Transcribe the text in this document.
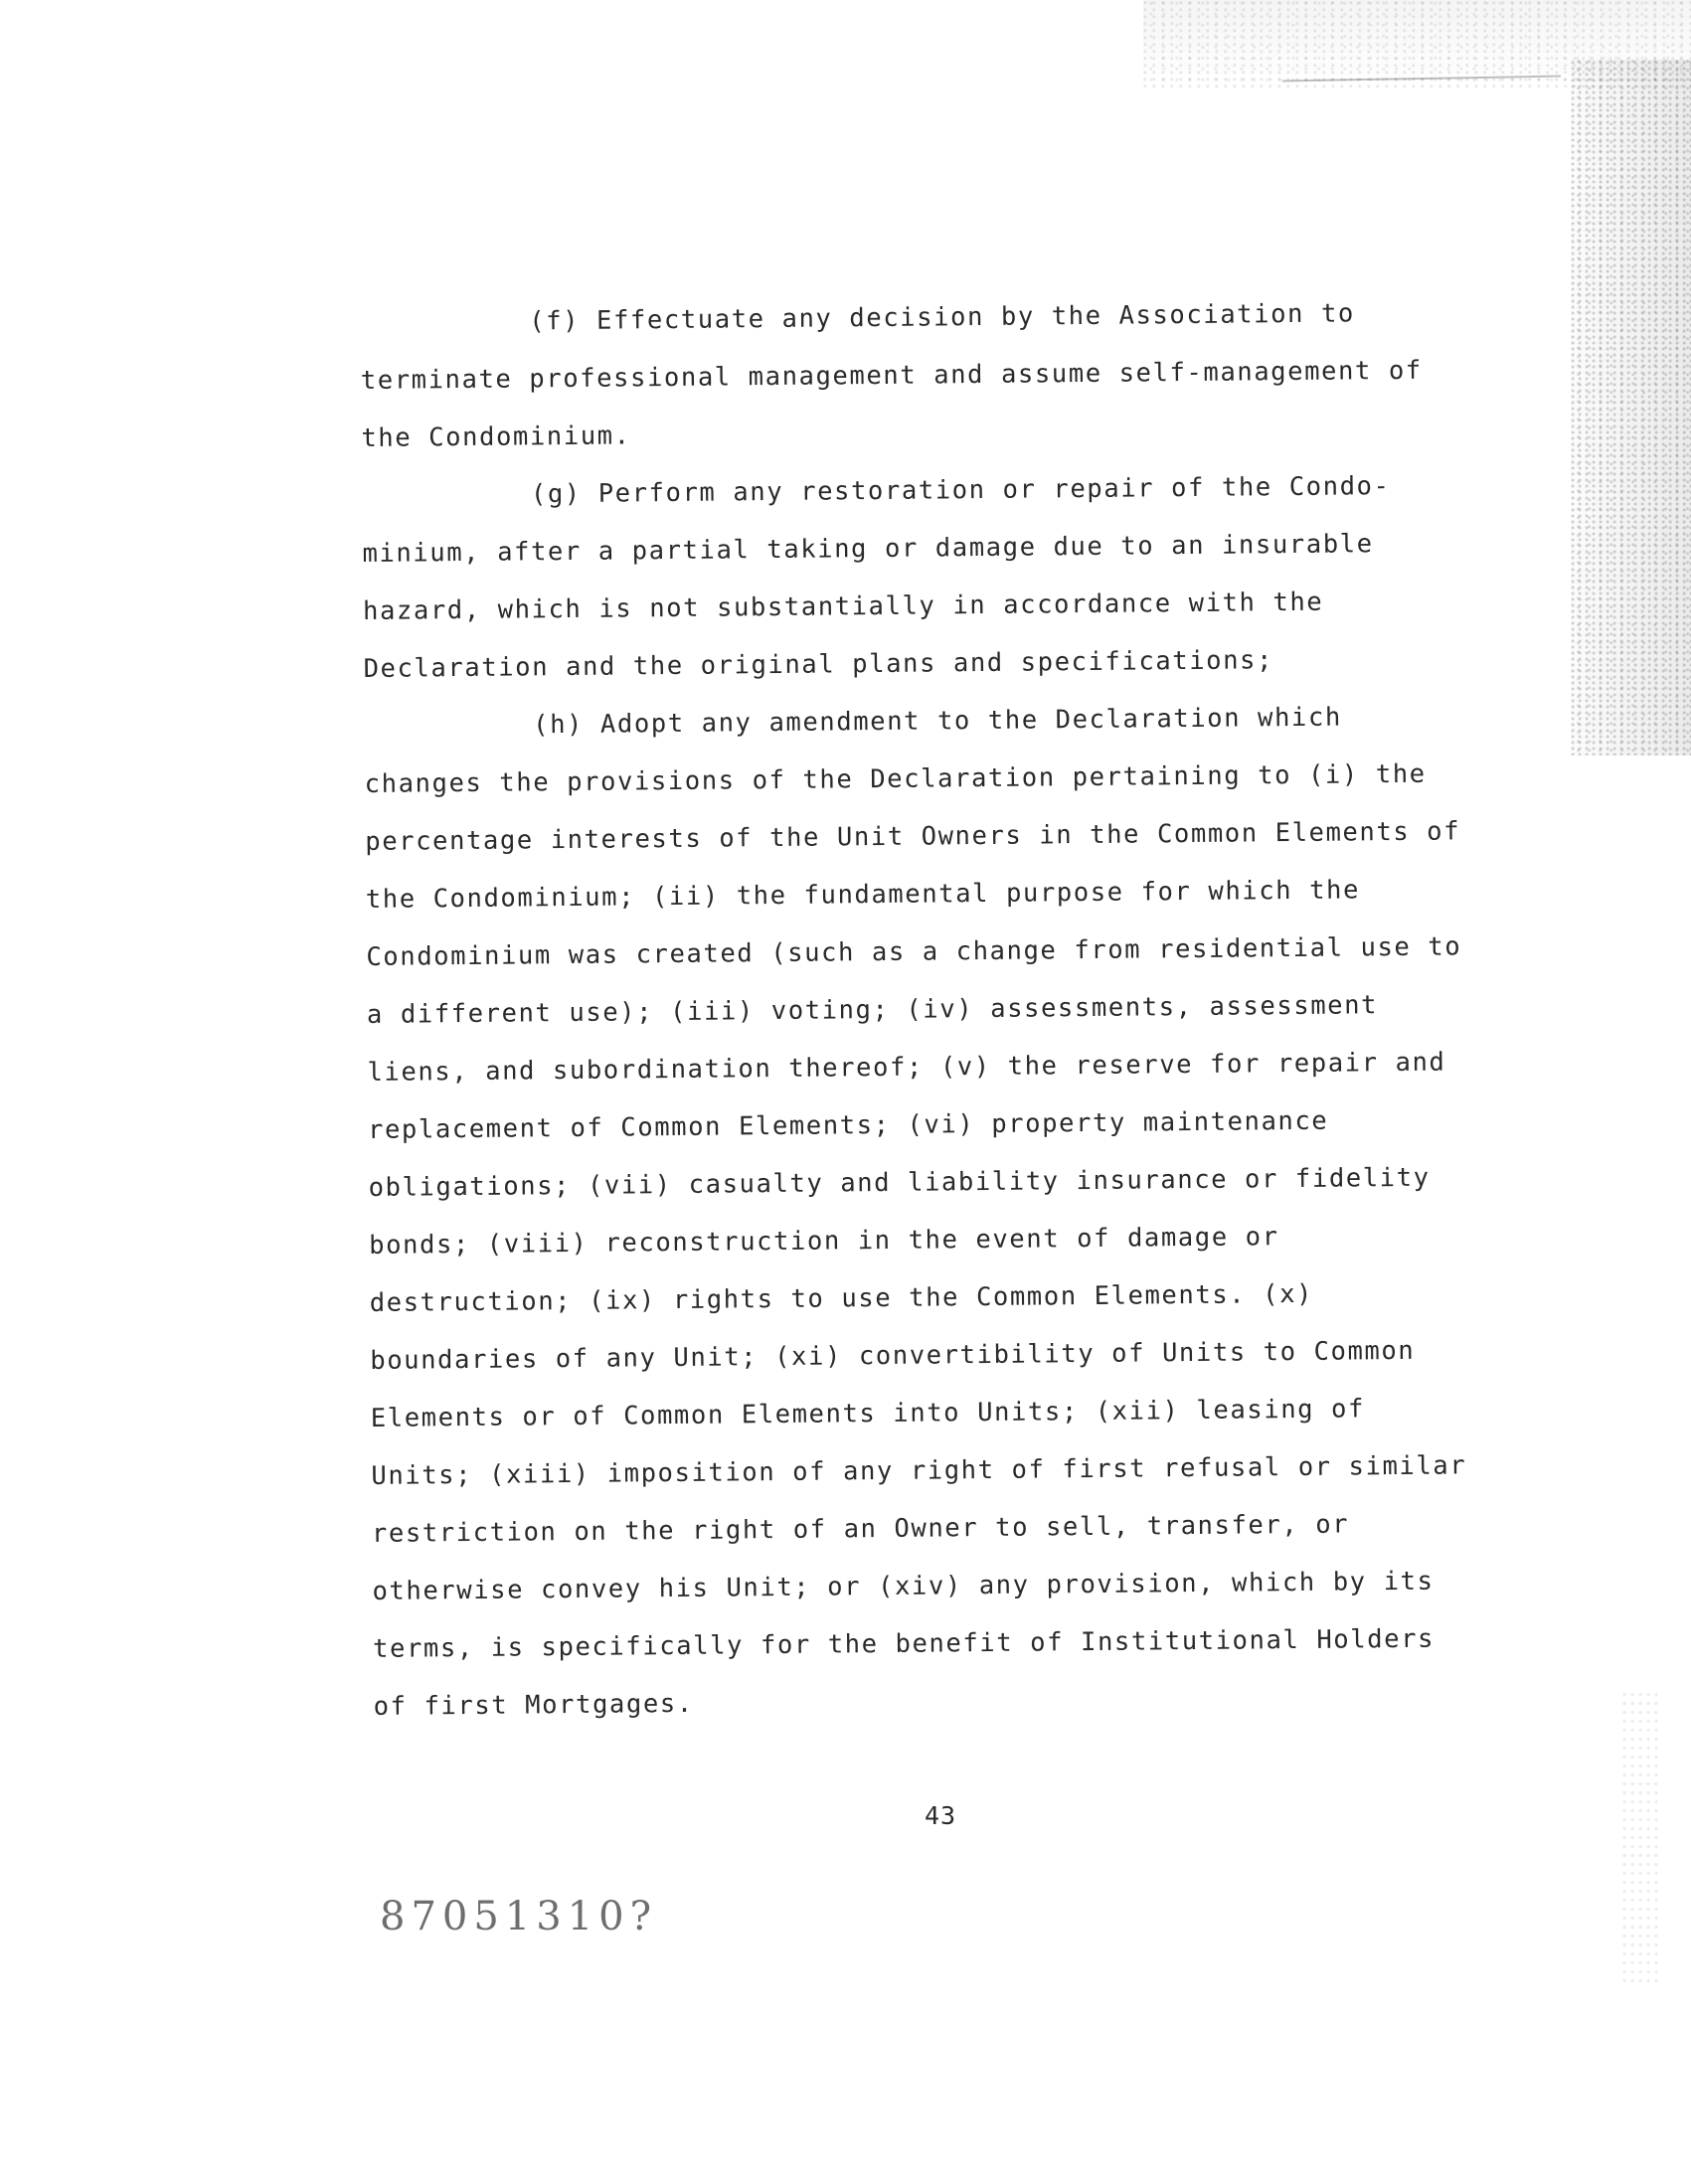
(f) Effectuate any decision by the Association to
terminate professional management and assume self-management of
the Condominium.

(g) Perform any restoration or repair of the Condo-
minium, after a partial taking or damage due to an insurable
hazard, which is not substantially in accordance with the
Declaration and the original plans and specifications;

(h) Adopt any amendment to the Declaration which
changes the provisions of the Declaration pertaining to (i) the
percentage interests of the Unit Owners in the Common Elements of
the Condominium; (ii) the fundamental purpose for which the
Condominium was created (such as a change from residential use to
a different use); (iii) voting; (iv) assessments, assessment
liens, and subordination thereof; (v) the reserve for repair and
replacement of Common Elements; (vi) property maintenance
obligations; (vii) casualty and liability insurance or fidelity
bonds; (viii) reconstruction in the event of damage or
destruction; (ix) rights to use the Common Elements. (x)
boundaries of any Unit; (xi) convertibility of Units to Common
Elements or of Common Elements into Units; (xii) leasing of
Units; (xiii) imposition of any right of first refusal or similar
restriction on the right of an Owner to sell, transfer, or
otherwise convey his Unit; or (xiv) any provision, which by its
terms, is specifically for the benefit of Institutional Holders
of first Mortgages.

43
87051310?
